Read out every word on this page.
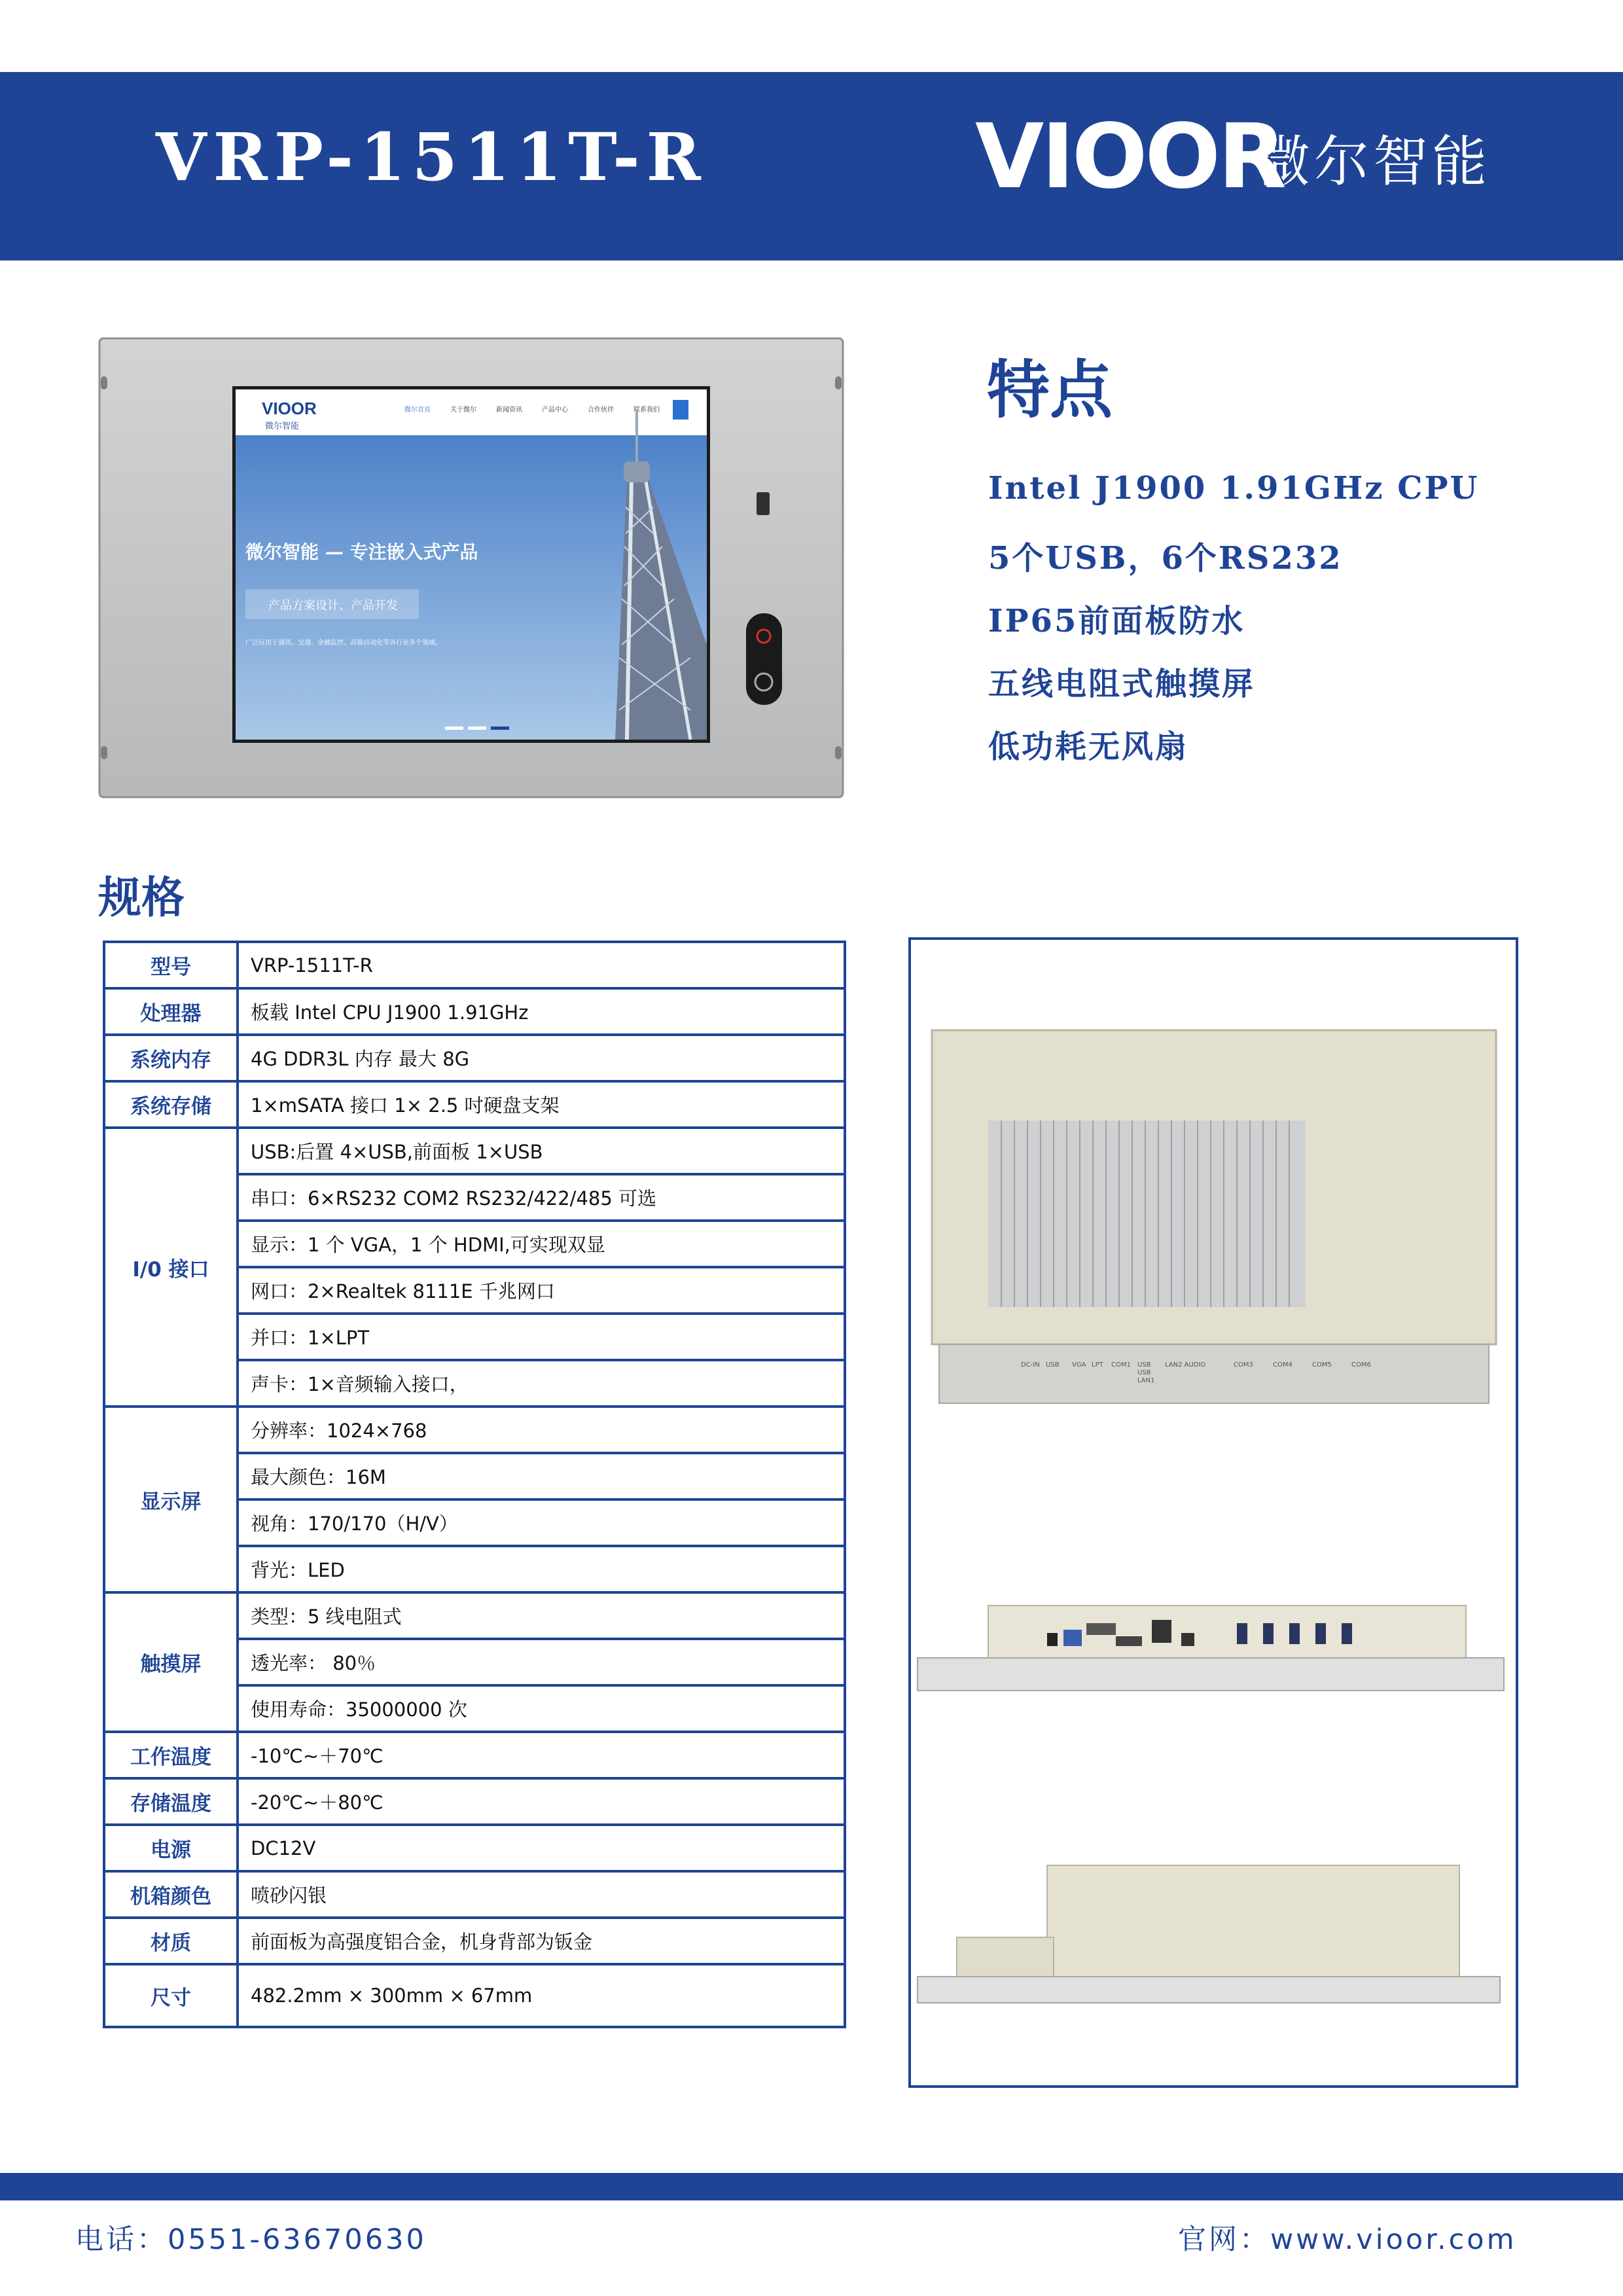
VRP-1511T-R	VIOOR
微尔智能
VIOOR
微尔智能
微尔首页	关于微尔	新闻资讯	产品中心	合作伙伴	联系我们
微尔智能 — 专注嵌入式产品
产品方案设计、产品开发
广泛应用于通讯、交通、金融监控、高端自动化等各行业多个领域。
特点
Intel J1900 1.91GHz CPU
5个USB，6个RS232
IP65前面板防水
五线电阻式触摸屏
低功耗无风扇
规格
型号	VRP-1511T-R
处理器	板载 Intel CPU J1900 1.91GHz
系统内存	4G DDR3L 内存 最大 8G
系统存储	1×mSATA 接口 1× 2.5 吋硬盘支架
I/0 接口	USB:后置 4×USB,前面板 1×USB
	串口：6×RS232 COM2 RS232/422/485 可选
	显示：1 个 VGA，1 个 HDMI,可实现双显
	网口：2×Realtek 8111E 千兆网口
	并口：1×LPT
	声卡：1×音频输入接口，
显示屏	分辨率：1024×768
	最大颜色：16M
	视角：170/170（H/V）
	背光：LED
触摸屏	类型：5 线电阻式
	透光率： 80％
	使用寿命：35000000 次
工作温度	-10℃~＋70℃
存储温度	-20℃~＋80℃
电源	DC12V
机箱颜色	喷砂闪银
材质	前面板为高强度铝合金，机身背部为钣金
尺寸	482.2mm × 300mm × 67mm
DC-IN USB VGA LPT COM1 USB
USB
LAN1
LAN2 AUDIO	COM3	COM4	COM5	COM6
电话：0551-63670630	官网：www.vioor.com
